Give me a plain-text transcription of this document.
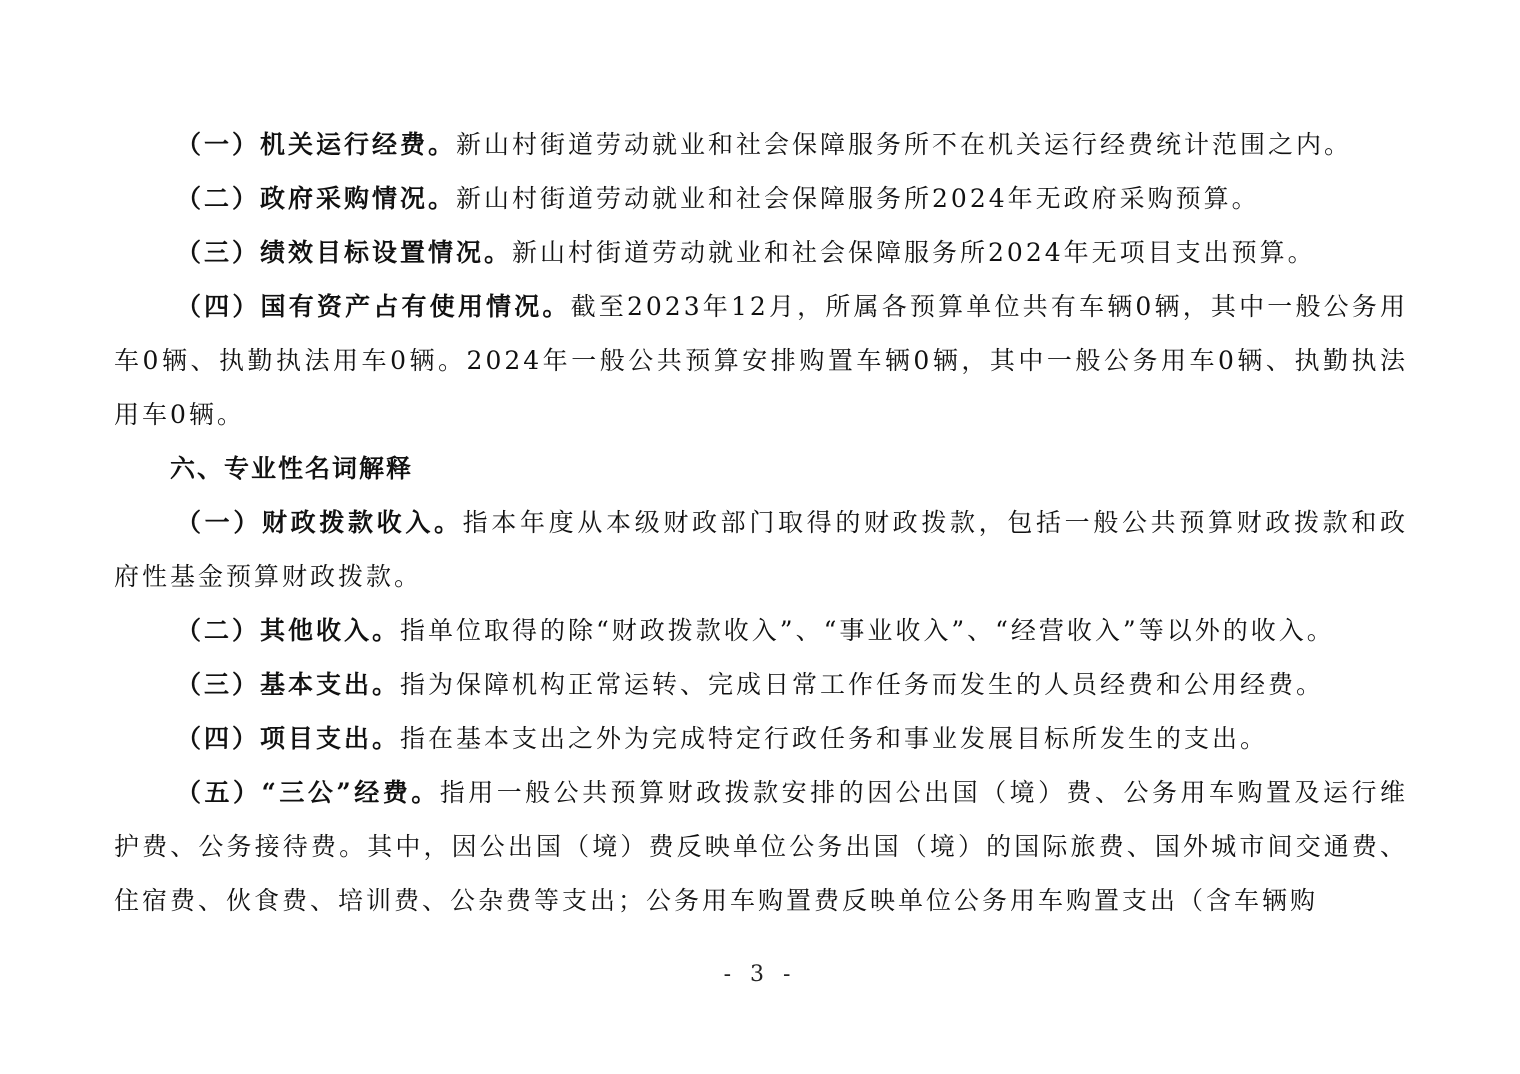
（一）机关运行经费。新山村街道劳动就业和社会保障服务所不在机关运行经费统计范围之内。

（二）政府采购情况。新山村街道劳动就业和社会保障服务所2024年无政府采购预算。

（三）绩效目标设置情况。新山村街道劳动就业和社会保障服务所2024年无项目支出预算。

（四）国有资产占有使用情况。截至2023年12月，所属各预算单位共有车辆0辆，其中一般公务用车0辆、执勤执法用车0辆。2024年一般公共预算安排购置车辆0辆，其中一般公务用车0辆、执勤执法用车0辆。

六、专业性名词解释

（一）财政拨款收入。指本年度从本级财政部门取得的财政拨款，包括一般公共预算财政拨款和政府性基金预算财政拨款。

（二）其他收入。指单位取得的除“财政拨款收入”、“事业收入”、“经营收入”等以外的收入。

（三）基本支出。指为保障机构正常运转、完成日常工作任务而发生的人员经费和公用经费。

（四）项目支出。指在基本支出之外为完成特定行政任务和事业发展目标所发生的支出。

（五）“三公”经费。指用一般公共预算财政拨款安排的因公出国（境）费、公务用车购置及运行维护费、公务接待费。其中，因公出国（境）费反映单位公务出国（境）的国际旅费、国外城市间交通费、住宿费、伙食费、培训费、公杂费等支出；公务用车购置费反映单位公务用车购置支出（含车辆购

- 3 -
